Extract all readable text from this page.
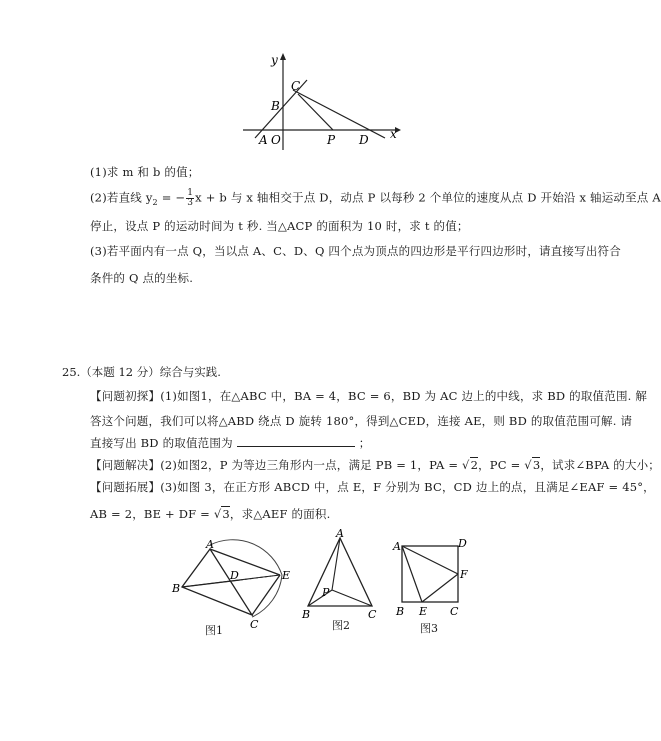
y
x
C
B
A O	P D
(1)求 m 和 b 的值；
(2)若直线 $y_2$ = − $\frac{1}{3}$ x + b 与 x 轴相交于点 D，动点 P 以每秒 2 个单位的速度从点 D 开始沿 x 轴运动至点 A
停止，设点 P 的运动时间为 t 秒. 当△ACP 的面积为 10 时，求 t 的值；
(3)若平面内有一点 Q，当以点 A、C、D、Q 四个点为顶点的四边形是平行四边形时，请直接写出符合
条件的 Q 点的坐标.
25.（本题 12 分）综合与实践.
【问题初探】(1)如图1，在△ABC 中，BA = 4，BC = 6，BD 为 AC 边上的中线，求 BD 的取值范围. 解
答这个问题，我们可以将△ABD 绕点 D 旋转 180°，得到△CED，连接 AE，则 BD 的取值范围可解. 请
直接写出 BD 的取值范围为	；
【问题解决】(2)如图2，P 为等边三角形内一点，满足 PB = 1，PA = √2，PC = √3，试求∠BPA 的大小；
【问题拓展】(3)如图 3，在正方形 ABCD 中，点 E，F 分别为 BC，CD 边上的点，且满足∠EAF = 45°，
AB = 2，BE + DF = √3，求△AEF 的面积.
A
B
C
D	E
图1
A
P
B	C
图2
A	D
F
B E C
图3
